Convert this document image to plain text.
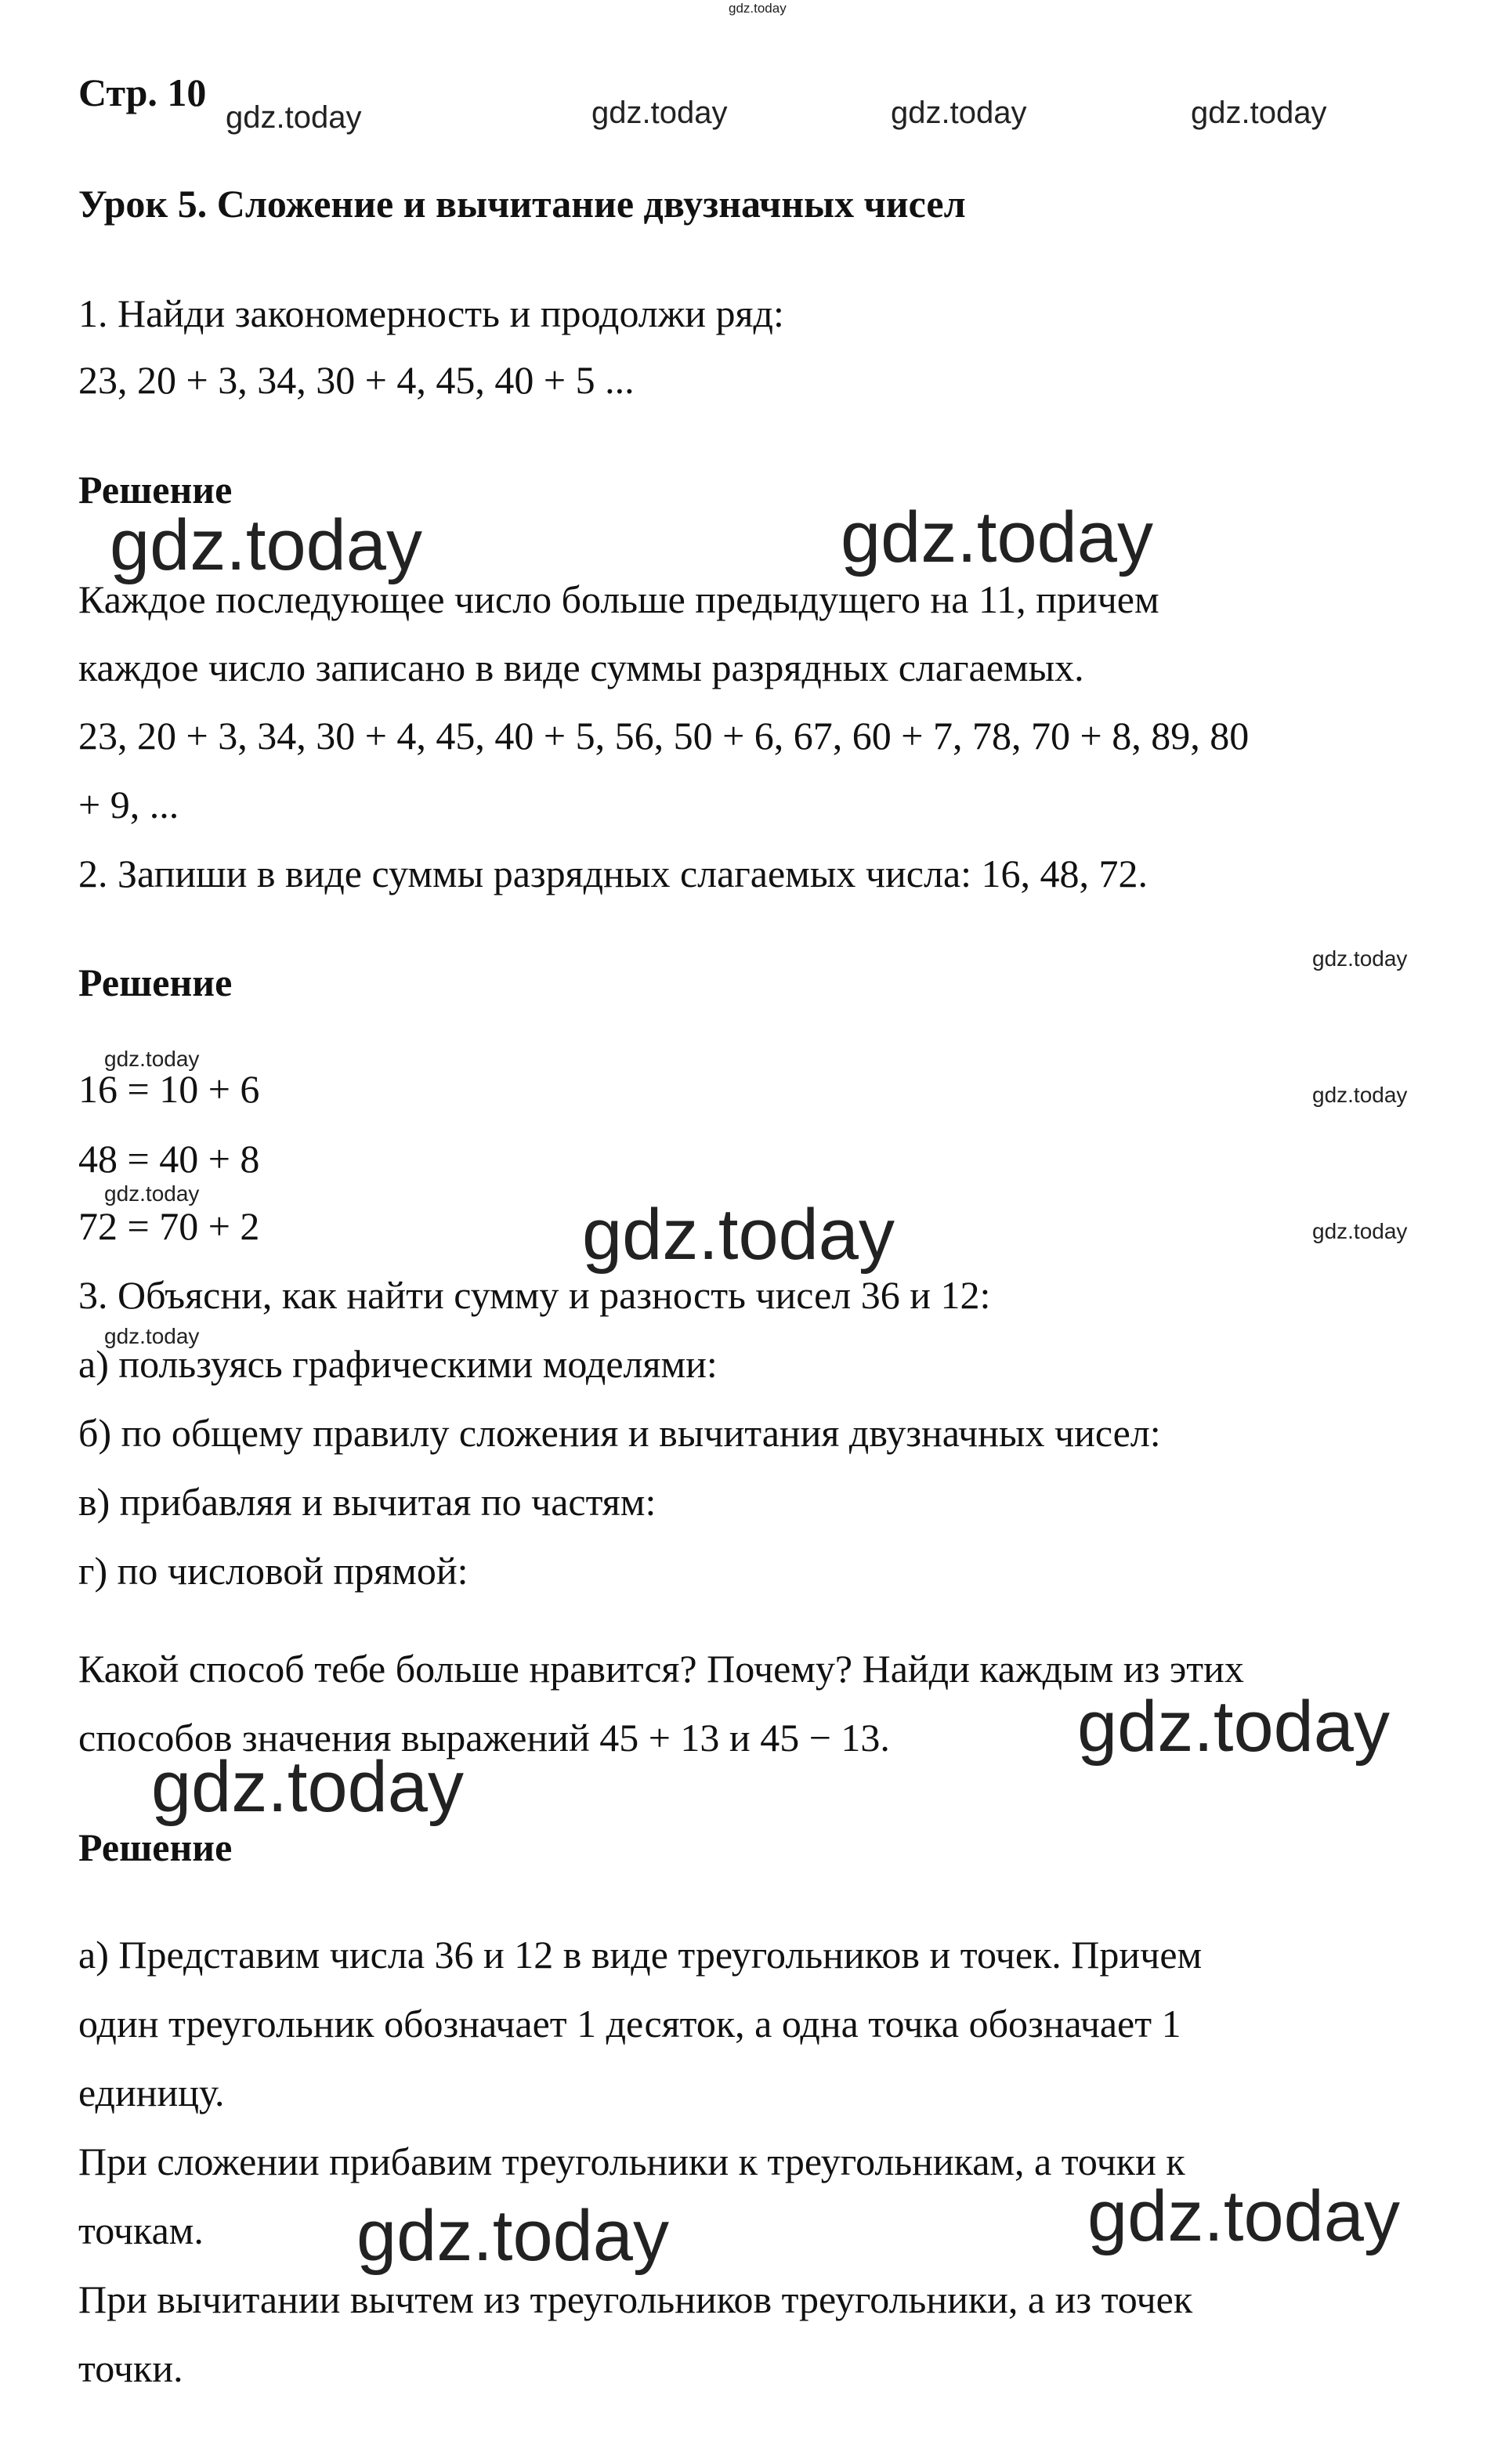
Стр. 10
Урок 5. Сложение и вычитание двузначных чисел
1. Найди закономерность и продолжи ряд:
23, 20 + 3, 34, 30 + 4, 45, 40 + 5 ...
Решение
Каждое последующее число больше предыдущего на 11, причем
каждое число записано в виде суммы разрядных слагаемых.
23, 20 + 3, 34, 30 + 4, 45, 40 + 5, 56, 50 + 6, 67, 60 + 7, 78, 70 + 8, 89, 80
+ 9, ...
2. Запиши в виде суммы разрядных слагаемых числа: 16, 48, 72.
Решение
16 = 10 + 6
48 = 40 + 8
72 = 70 + 2
3. Объясни, как найти сумму и разность чисел 36 и 12:
а) пользуясь графическими моделями:
б) по общему правилу сложения и вычитания двузначных чисел:
в) прибавляя и вычитая по частям:
г) по числовой прямой:
Какой способ тебе больше нравится? Почему? Найди каждым из этих
способов значения выражений 45 + 13 и 45 − 13.
Решение
а) Представим числа 36 и 12 в виде треугольников и точек. Причем
один треугольник обозначает 1 десяток, а одна точка обозначает 1
единицу.
При сложении прибавим треугольники к треугольникам, а точки к
точкам.
При вычитании вычтем из треугольников треугольники, а из точек
точки.
gdz.today
gdz.today	gdz.today	gdz.today	gdz.today
gdz.today	gdz.today
gdz.today
gdz.today
gdz.today
gdz.today
gdz.today	gdz.today
gdz.today
gdz.today
gdz.today
gdz.today
gdz.today
